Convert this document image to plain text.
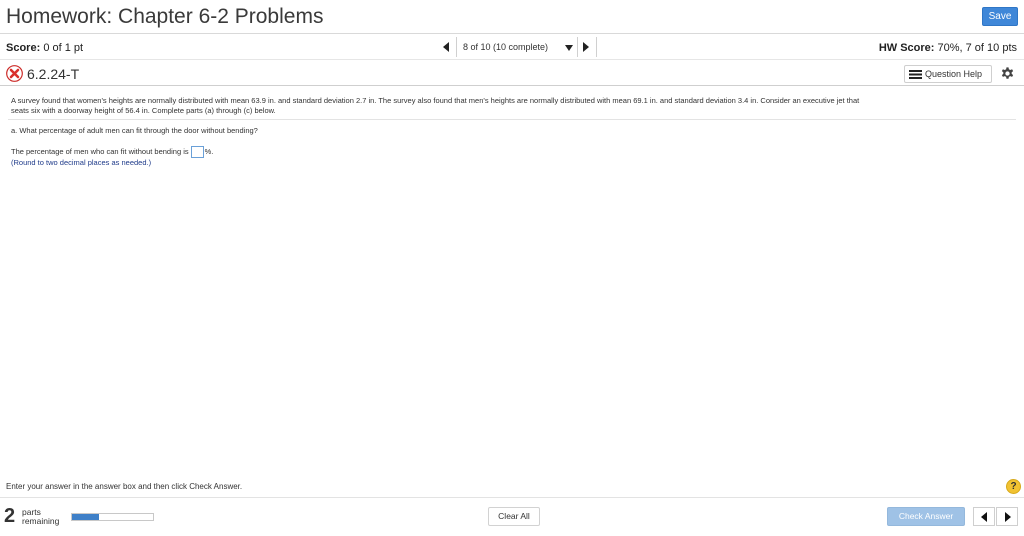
Homework: Chapter 6-2 Problems	Save
Score: 0 of 1 pt	8 of 10 (10 complete)	HW Score: 70%, 7 of 10 pts
6.2.24-T	Question Help
A survey found that women's heights are normally distributed with mean 63.9 in. and standard deviation 2.7 in. The survey also found that men's heights are normally distributed with mean 69.1 in. and standard deviation 3.4 in. Consider an executive jet that
seats six with a doorway height of 56.4 in. Complete parts (a) through (c) below.
a. What percentage of adult men can fit through the door without bending?
The percentage of men who can fit without bending is %.
(Round to two decimal places as needed.)
Enter your answer in the answer box and then click Check Answer.	?
2 parts
remaining	Clear All	Check Answer
